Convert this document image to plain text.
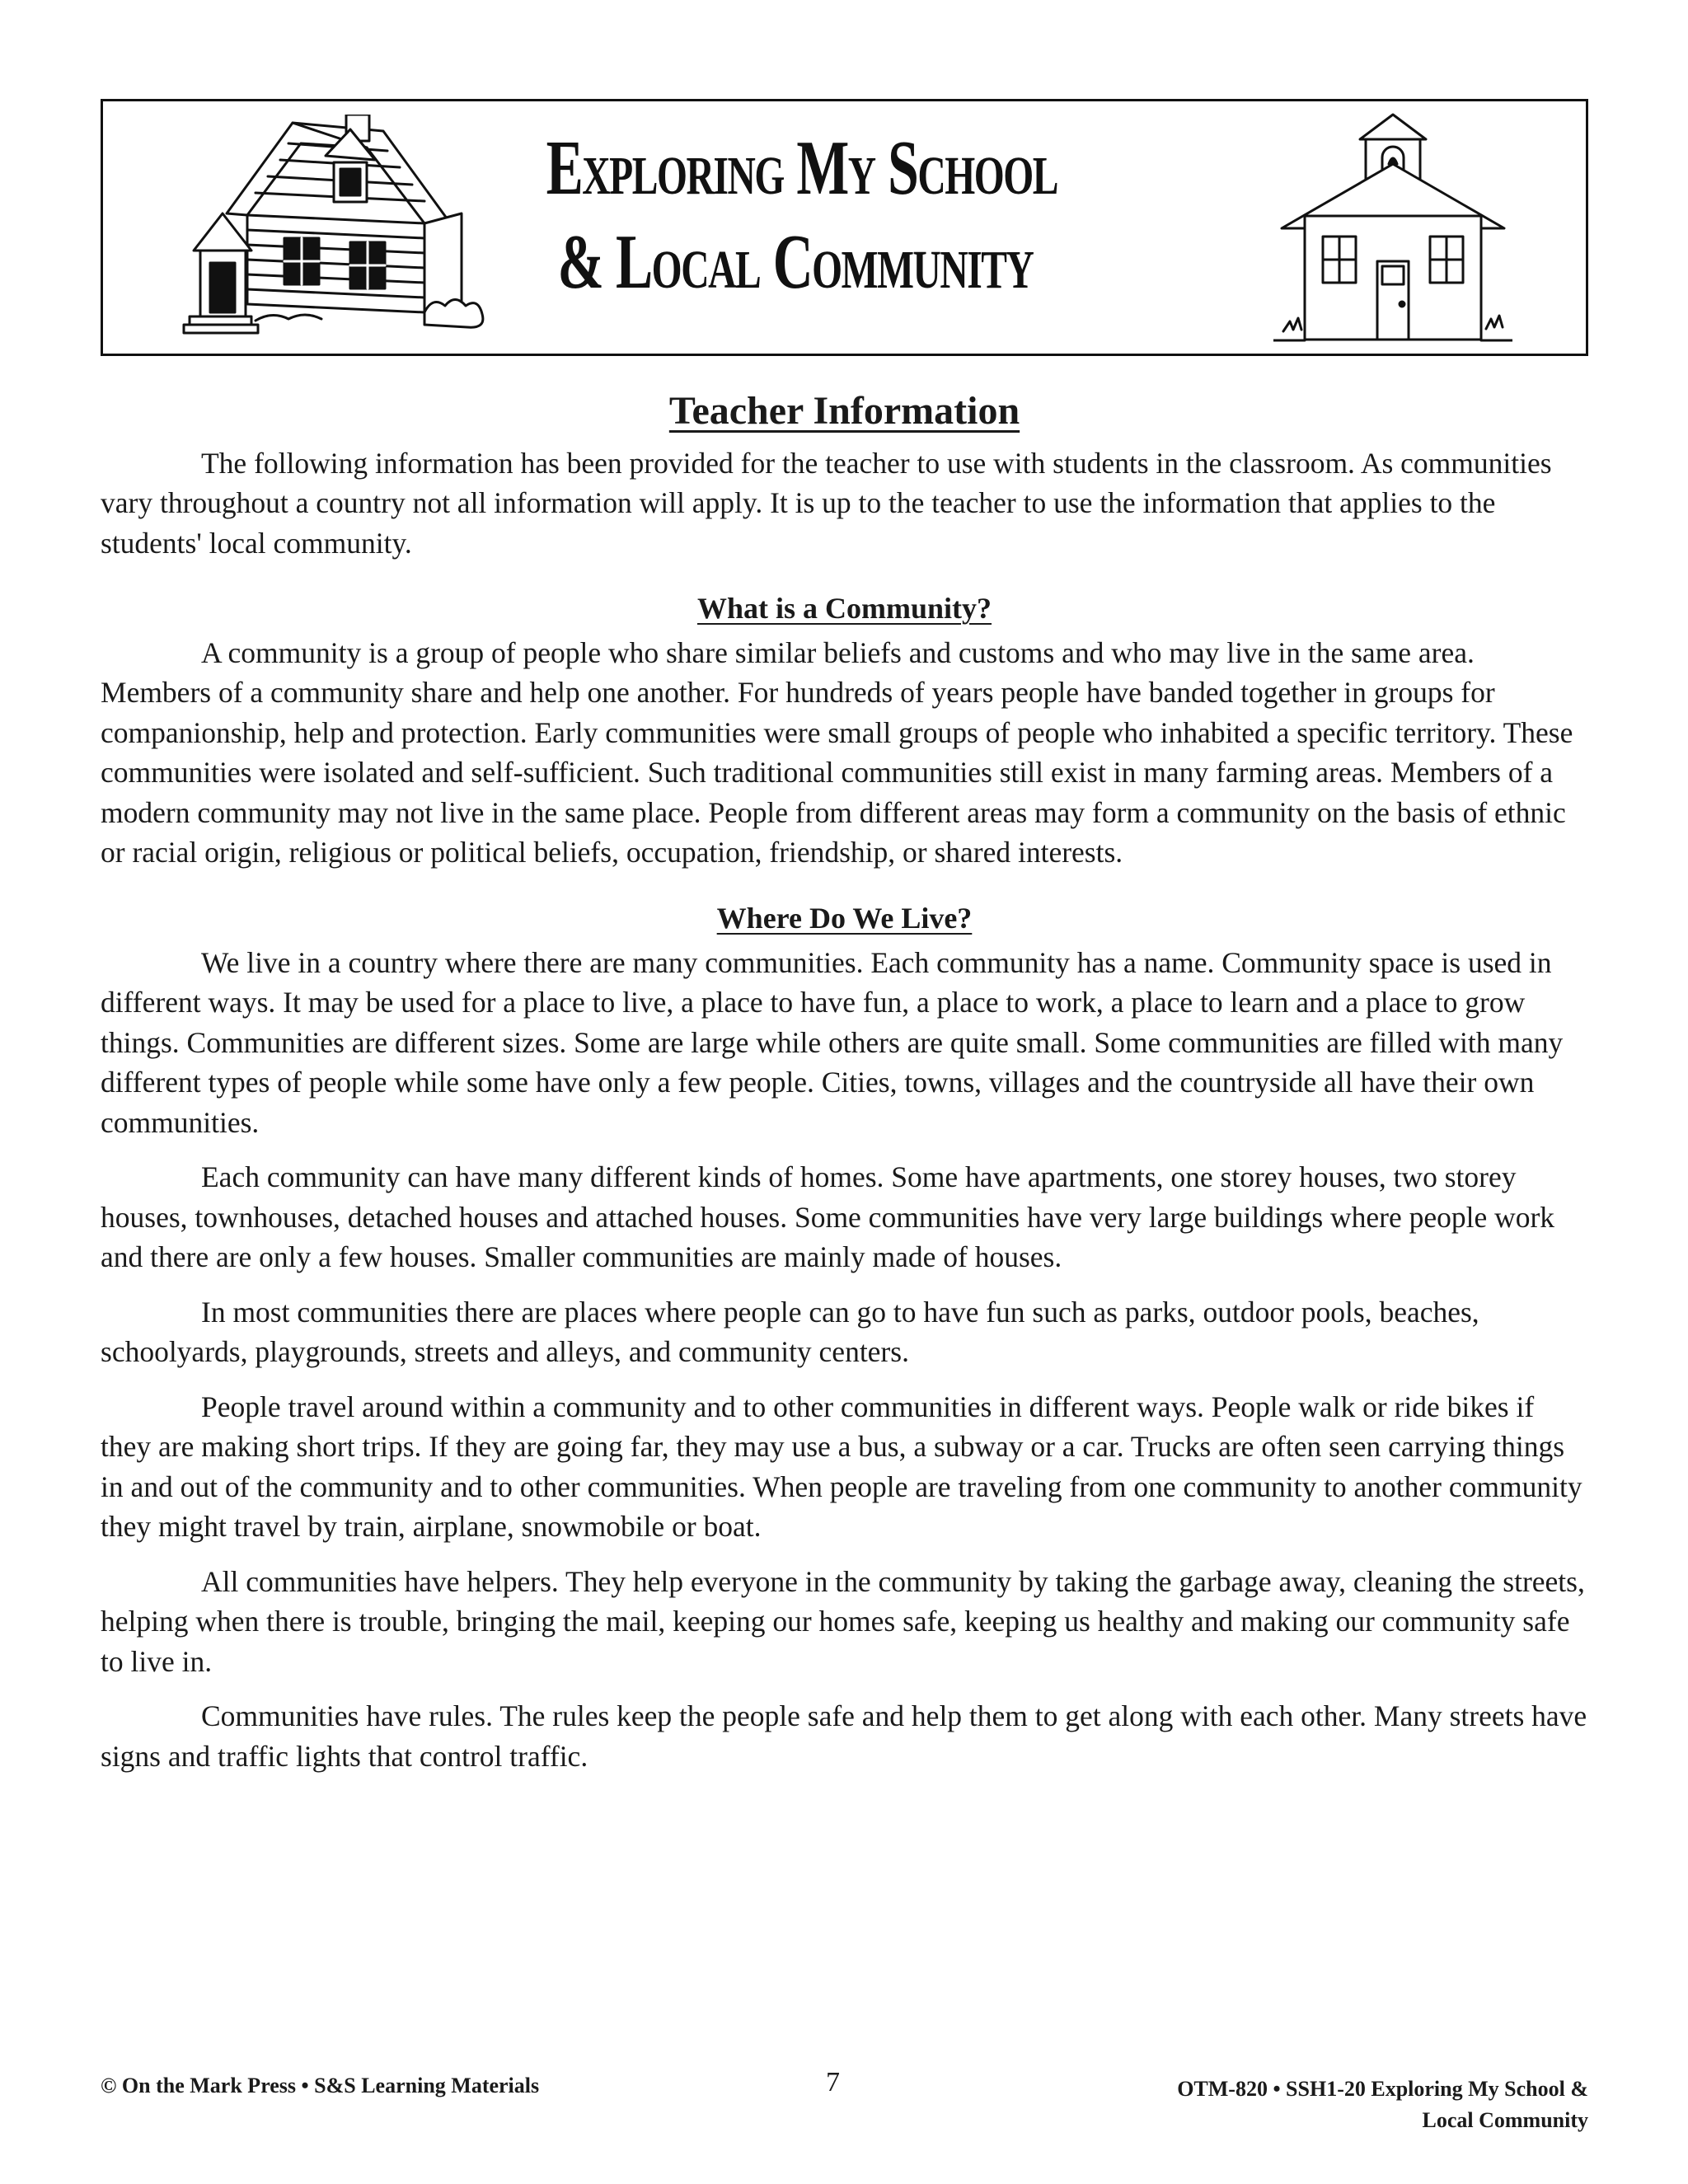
Exploring My School
& Local Community
Teacher Information

The following information has been provided for the teacher to use with students in the classroom. As communities vary throughout a country not all information will apply. It is up to the teacher to use the information that applies to the students' local community.

What is a Community?

A community is a group of people who share similar beliefs and customs and who may live in the same area. Members of a community share and help one another. For hundreds of years people have banded together in groups for companionship, help and protection. Early communities were small groups of people who inhabited a specific territory. These communities were isolated and self-sufficient. Such traditional communities still exist in many farming areas. Members of a modern community may not live in the same place. People from different areas may form a community on the basis of ethnic or racial origin, religious or political beliefs, occupation, friendship, or shared interests.

Where Do We Live?

We live in a country where there are many communities. Each community has a name. Community space is used in different ways. It may be used for a place to live, a place to have fun, a place to work, a place to learn and a place to grow things. Communities are different sizes. Some are large while others are quite small. Some communities are filled with many different types of people while some have only a few people. Cities, towns, villages and the countryside all have their own communities.

Each community can have many different kinds of homes. Some have apartments, one storey houses, two storey houses, townhouses, detached houses and attached houses. Some communities have very large buildings where people work and there are only a few houses. Smaller communities are mainly made of houses.

In most communities there are places where people can go to have fun such as parks, outdoor pools, beaches, schoolyards, playgrounds, streets and alleys, and community centers.

People travel around within a community and to other communities in different ways. People walk or ride bikes if they are making short trips. If they are going far, they may use a bus, a subway or a car. Trucks are often seen carrying things in and out of the community and to other communities. When people are traveling from one community to another community they might travel by train, airplane, snowmobile or boat.

All communities have helpers. They help everyone in the community by taking the garbage away, cleaning the streets, helping when there is trouble, bringing the mail, keeping our homes safe, keeping us healthy and making our community safe to live in.

Communities have rules. The rules keep the people safe and help them to get along with each other. Many streets have signs and traffic lights that control traffic.

© On the Mark Press • S&S Learning Materials	7	OTM-820 • SSH1-20 Exploring My School &
Local Community
